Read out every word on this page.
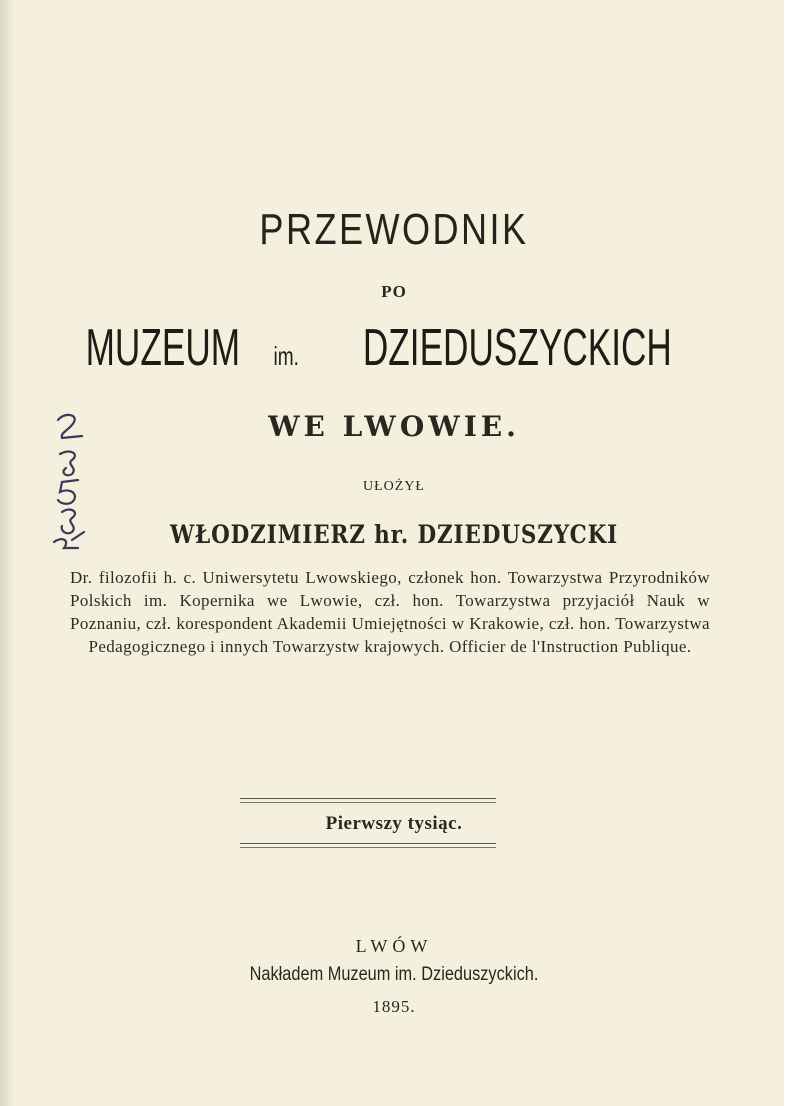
PRZEWODNIK
PO
MUZEUM im. DZIEDUSZYCKICH
WE LWOWIE.
UŁOŻYŁ
WŁODZIMIERZ hr. DZIEDUSZYCKI
Dr. filozofii h. c. Uniwersytetu Lwowskiego, członek hon. Towarzystwa Przyrodników Polskich im. Kopernika we Lwowie, czł. hon. Towarzystwa przyjaciół Nauk w Poznaniu, czł. korespondent Akademii Umiejętności w Krakowie, czł. hon. Towarzystwa Pedagogicznego i innych Towarzystw krajowych. Officier de l'Instruction Publique.
Pierwszy tysiąc.
LWÓW
Nakładem Muzeum im. Dzieduszyckich.
1895.
